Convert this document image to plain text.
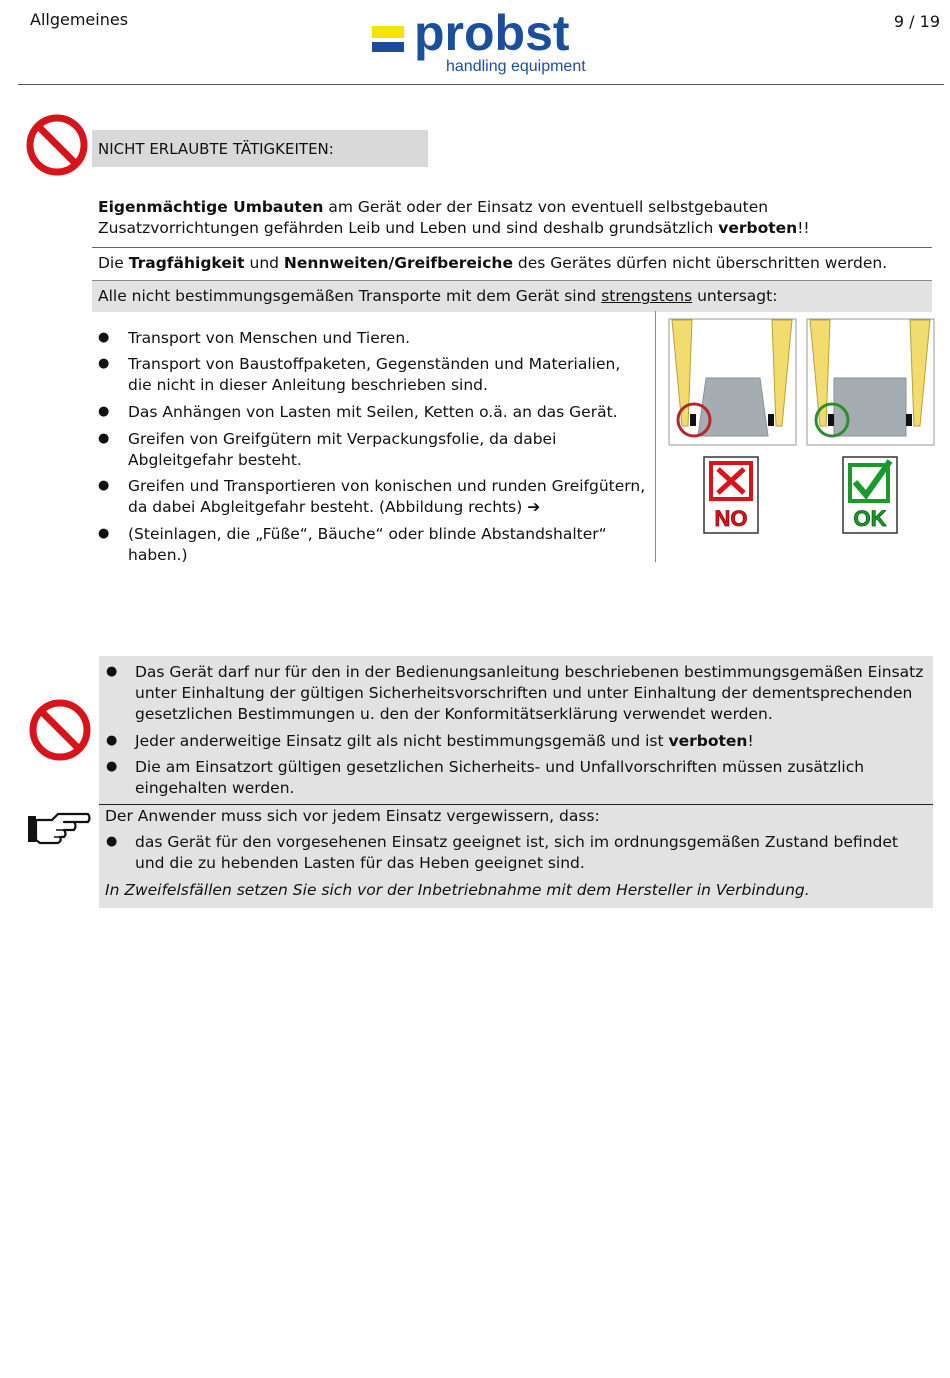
Allgemeines	9 / 19
probst
handling equipment
NICHT ERLAUBTE TÄTIGKEITEN:
Eigenmächtige Umbauten am Gerät oder der Einsatz von eventuell selbstgebauten Zusatzvorrichtungen gefährden Leib und Leben und sind deshalb grundsätzlich verboten!!
Die Tragfähigkeit und Nennweiten/Greifbereiche des Gerätes dürfen nicht überschritten werden.
Alle nicht bestimmungsgemäßen Transporte mit dem Gerät sind strengstens untersagt:
● Transport von Menschen und Tieren.
● Transport von Baustoffpaketen, Gegenständen und Materialien, die nicht in dieser Anleitung beschrieben sind.
● Das Anhängen von Lasten mit Seilen, Ketten o.ä. an das Gerät.
● Greifen von Greifgütern mit Verpackungsfolie, da dabei Abgleitgefahr besteht.
● Greifen und Transportieren von konischen und runden Greifgütern, da dabei Abgleitgefahr besteht. (Abbildung rechts) ➔
● (Steinlagen, die „Füße“, Bäuche“ oder blinde Abstandshalter“ haben.)
NO	OK
● Das Gerät darf nur für den in der Bedienungsanleitung beschriebenen bestimmungsgemäßen Einsatz unter Einhaltung der gültigen Sicherheitsvorschriften und unter Einhaltung der dementsprechenden gesetzlichen Bestimmungen u. den der Konformitätserklärung verwendet werden.
● Jeder anderweitige Einsatz gilt als nicht bestimmungsgemäß und ist verboten!
● Die am Einsatzort gültigen gesetzlichen Sicherheits- und Unfallvorschriften müssen zusätzlich eingehalten werden.
Der Anwender muss sich vor jedem Einsatz vergewissern, dass:
● das Gerät für den vorgesehenen Einsatz geeignet ist, sich im ordnungsgemäßen Zustand befindet und die zu hebenden Lasten für das Heben geeignet sind.
In Zweifelsfällen setzen Sie sich vor der Inbetriebnahme mit dem Hersteller in Verbindung.
